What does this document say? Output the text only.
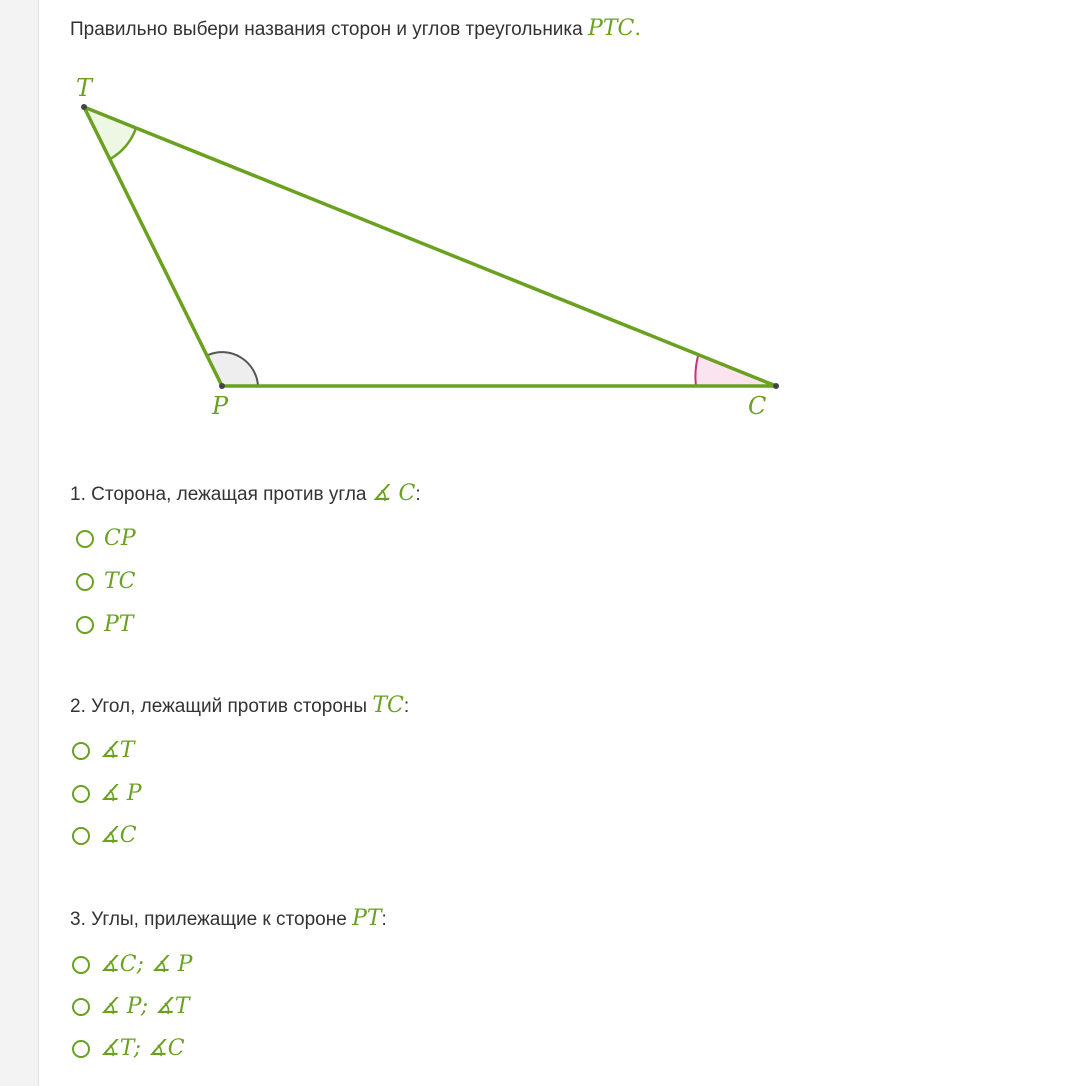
T
P	C
Правильно выбери названия сторон и углов треугольника PTC.
1. Сторона, лежащая против угла ∡ C:
CP
TC
PT
2. Угол, лежащий против стороны TC:
∡T
∡ P
∡C
3. Углы, прилежащие к стороне PT:
∡C; ∡ P
∡ P; ∡T
∡T; ∡C
